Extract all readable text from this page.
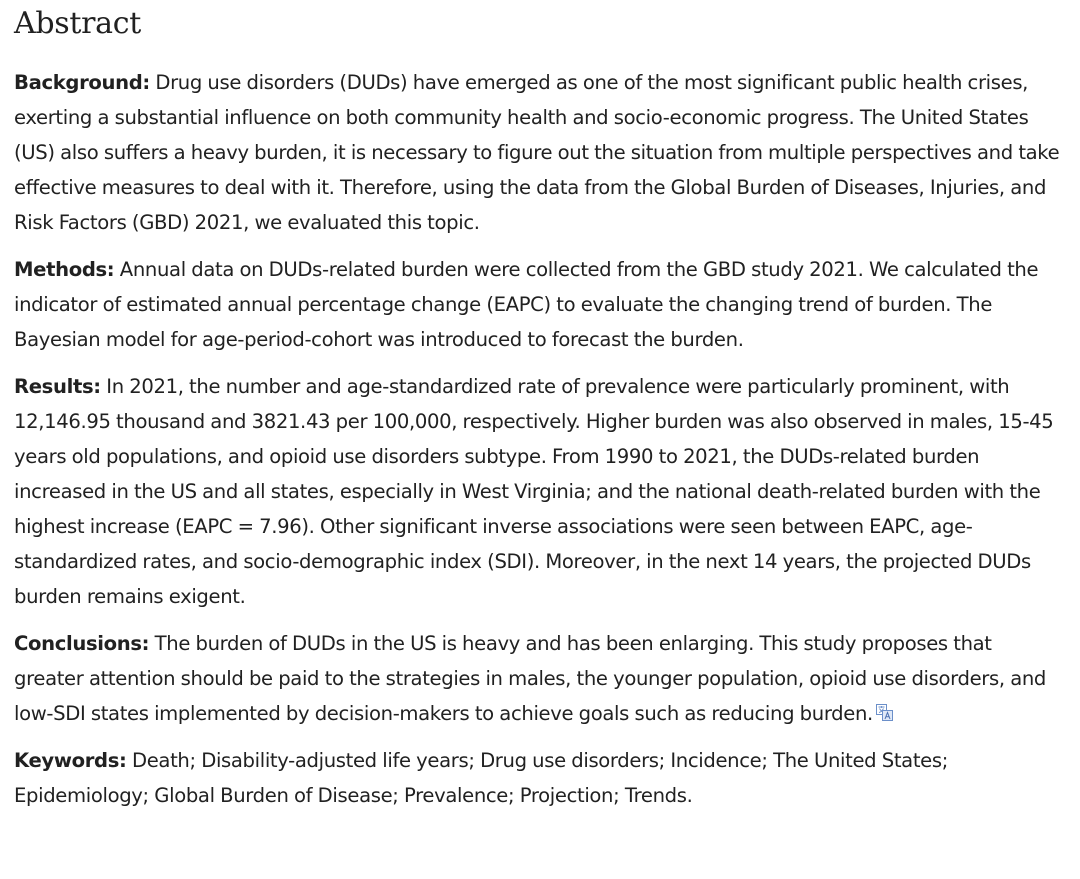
Abstract

Background: Drug use disorders (DUDs) have emerged as one of the most significant public health crises, exerting a substantial influence on both community health and socio-economic progress. The United States (US) also suffers a heavy burden, it is necessary to figure out the situation from multiple perspectives and take effective measures to deal with it. Therefore, using the data from the Global Burden of Diseases, Injuries, and Risk Factors (GBD) 2021, we evaluated this topic.

Methods: Annual data on DUDs-related burden were collected from the GBD study 2021. We calculated the indicator of estimated annual percentage change (EAPC) to evaluate the changing trend of burden. The Bayesian model for age-period-cohort was introduced to forecast the burden.

Results: In 2021, the number and age-standardized rate of prevalence were particularly prominent, with 12,146.95 thousand and 3821.43 per 100,000, respectively. Higher burden was also observed in males, 15-45 years old populations, and opioid use disorders subtype. From 1990 to 2021, the DUDs-related burden increased in the US and all states, especially in West Virginia; and the national death-related burden with the highest increase (EAPC = 7.96). Other significant inverse associations were seen between EAPC, age-standardized rates, and socio-demographic index (SDI). Moreover, in the next 14 years, the projected DUDs burden remains exigent.

Conclusions: The burden of DUDs in the US is heavy and has been enlarging. This study proposes that greater attention should be paid to the strategies in males, the younger population, opioid use disorders, and low-SDI states implemented by decision-makers to achieve goals such as reducing burden.

Keywords: Death; Disability-adjusted life years; Drug use disorders; Incidence; The United States; Epidemiology; Global Burden of Disease; Prevalence; Projection; Trends.
